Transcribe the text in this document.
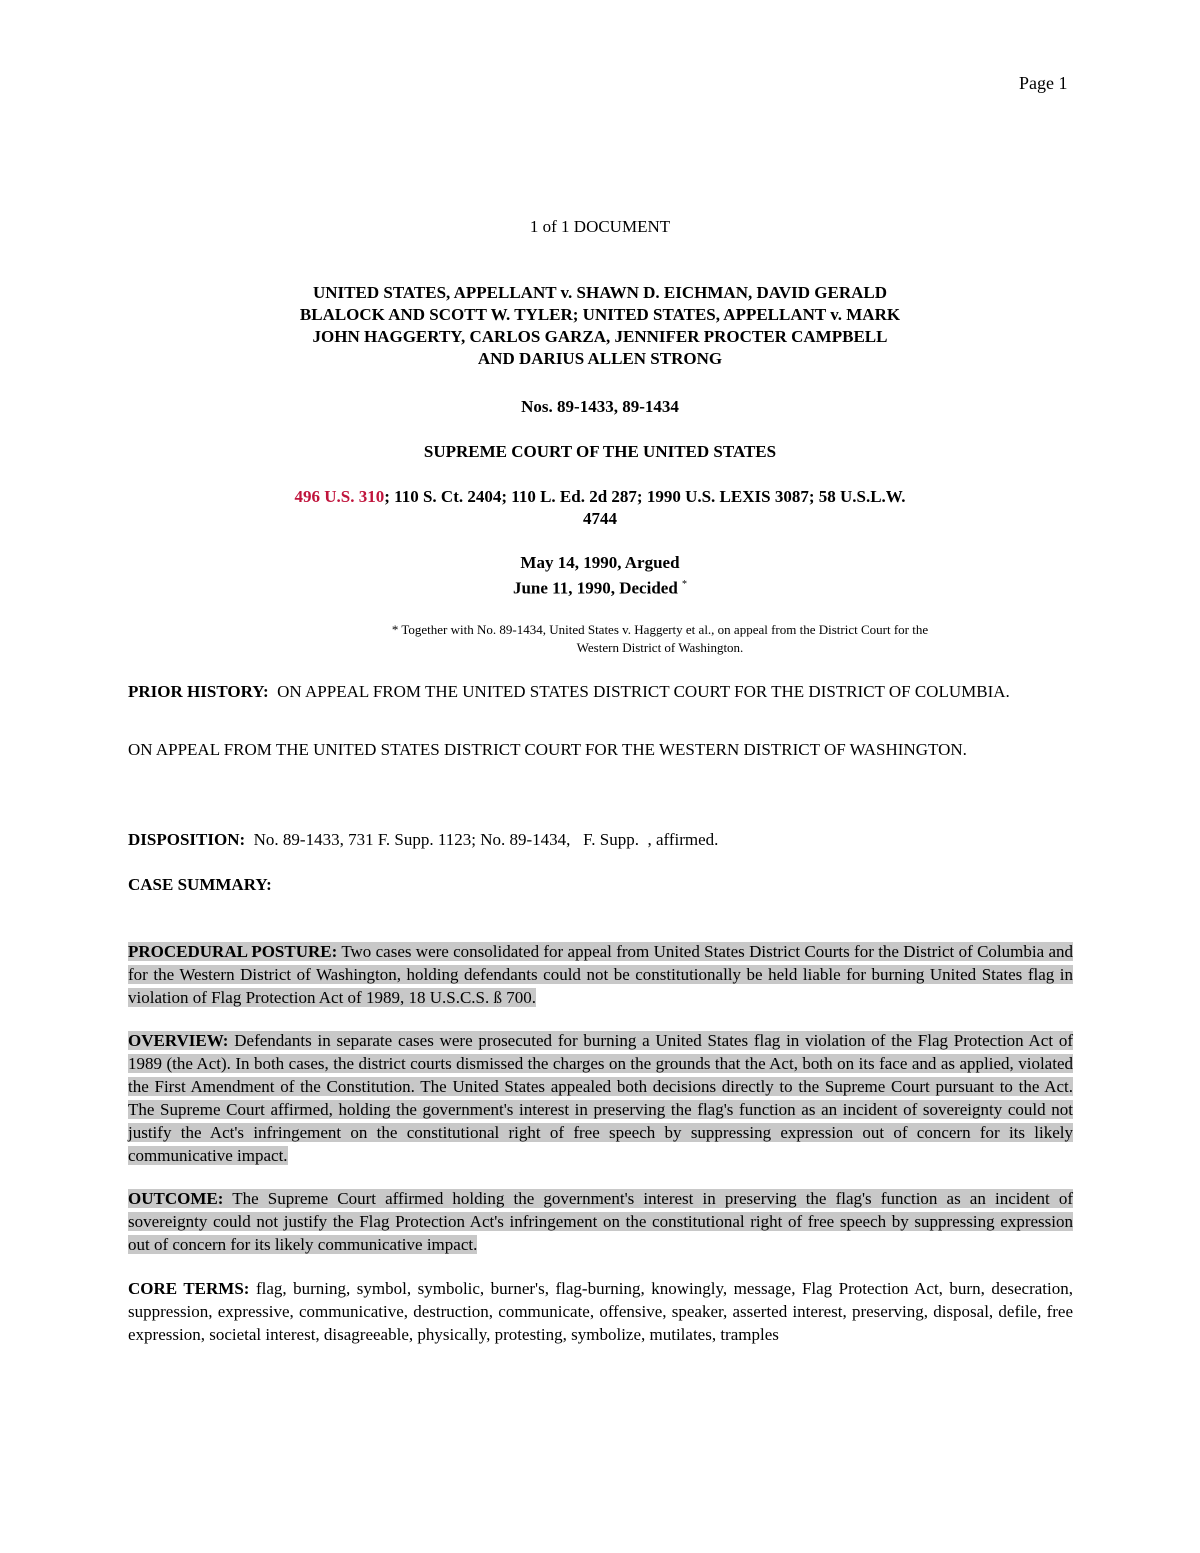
Page 1
1 of 1 DOCUMENT
UNITED STATES, APPELLANT v. SHAWN D. EICHMAN, DAVID GERALD
BLALOCK AND SCOTT W. TYLER; UNITED STATES, APPELLANT v. MARK
JOHN HAGGERTY, CARLOS GARZA, JENNIFER PROCTER CAMPBELL
AND DARIUS ALLEN STRONG
Nos. 89-1433, 89-1434
SUPREME COURT OF THE UNITED STATES
496 U.S. 310; 110 S. Ct. 2404; 110 L. Ed. 2d 287; 1990 U.S. LEXIS 3087; 58 U.S.L.W.
4744
May 14, 1990, Argued
June 11, 1990, Decided *
* Together with No. 89-1434, United States v. Haggerty et al., on appeal from the District Court for the
Western District of Washington.
PRIOR HISTORY: ON APPEAL FROM THE UNITED STATES DISTRICT COURT FOR THE DISTRICT OF COLUMBIA.
ON APPEAL FROM THE UNITED STATES DISTRICT COURT FOR THE WESTERN DISTRICT OF WASHINGTON.
DISPOSITION: No. 89-1433, 731 F. Supp. 1123; No. 89-1434,   F. Supp.  , affirmed.
CASE SUMMARY:
PROCEDURAL POSTURE: Two cases were consolidated for appeal from United States District Courts for the District of Columbia and for the Western District of Washington, holding defendants could not be constitutionally be held liable for burning United States flag in violation of Flag Protection Act of 1989, 18 U.S.C.S. ß 700.
OVERVIEW: Defendants in separate cases were prosecuted for burning a United States flag in violation of the Flag Protection Act of 1989 (the Act). In both cases, the district courts dismissed the charges on the grounds that the Act, both on its face and as applied, violated the First Amendment of the Constitution. The United States appealed both decisions directly to the Supreme Court pursuant to the Act. The Supreme Court affirmed, holding the government's interest in preserving the flag's function as an incident of sovereignty could not justify the Act's infringement on the constitutional right of free speech by suppressing expression out of concern for its likely communicative impact.
OUTCOME: The Supreme Court affirmed holding the government's interest in preserving the flag's function as an incident of sovereignty could not justify the Flag Protection Act's infringement on the constitutional right of free speech by suppressing expression out of concern for its likely communicative impact.
CORE TERMS: flag, burning, symbol, symbolic, burner's, flag-burning, knowingly, message, Flag Protection Act, burn, desecration, suppression, expressive, communicative, destruction, communicate, offensive, speaker, asserted interest, preserving, disposal, defile, free expression, societal interest, disagreeable, physically, protesting, symbolize, mutilates, tramples
